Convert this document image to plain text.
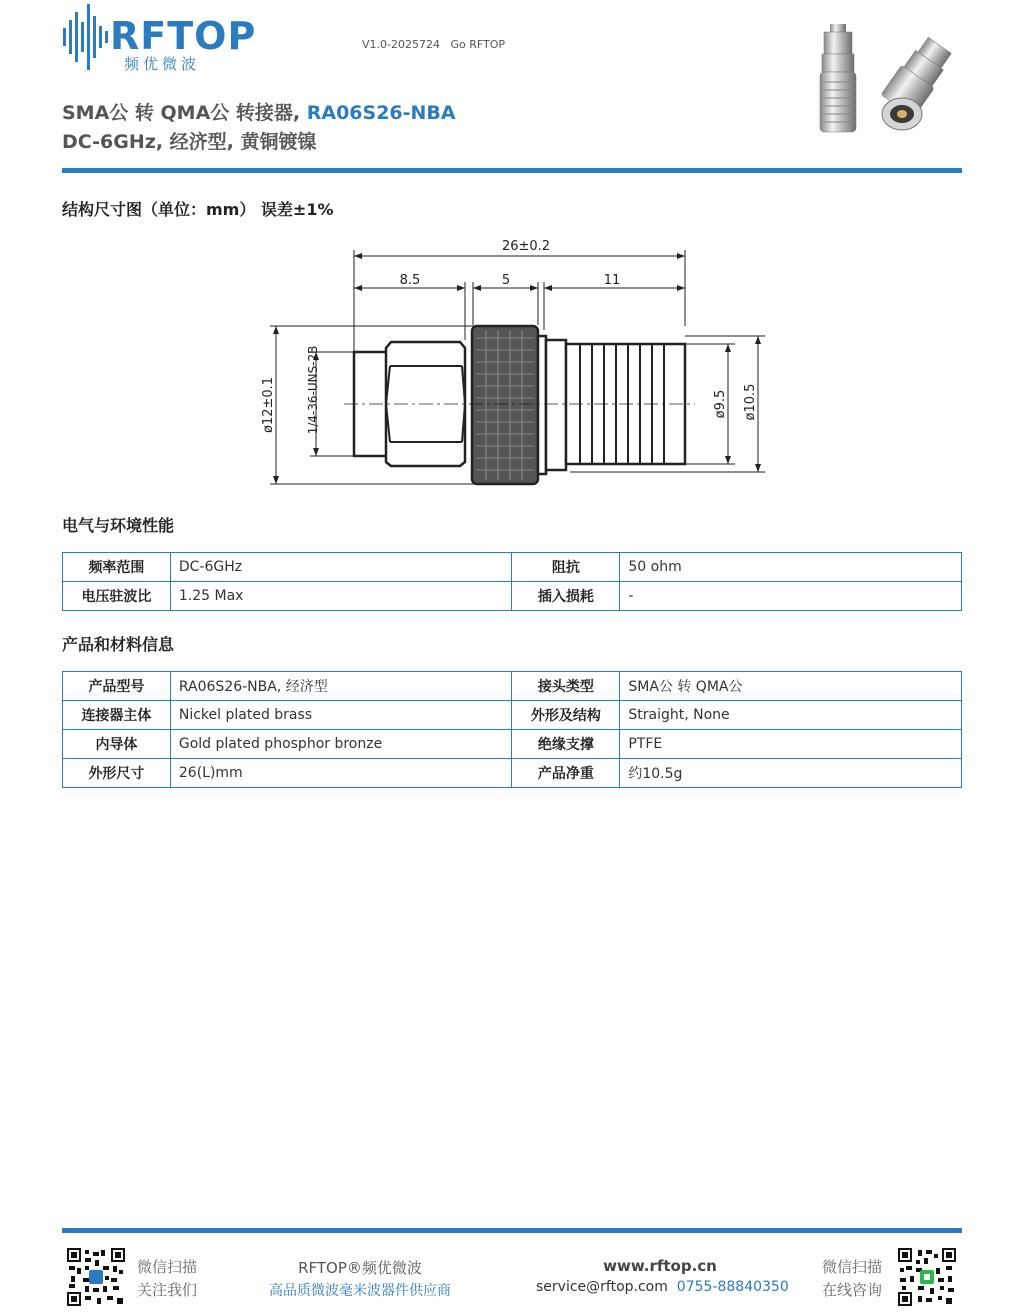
RFTOP
频优微波
V1.0-2025724 Go RFTOP
SMA公 转 QMA公 转接器, RA06S26-NBA
DC-6GHz, 经济型, 黄铜镀镍
结构尺寸图（单位：mm） 误差±1%
26±0.2
8.5	5	11
ø12±0.1	1/4-36-UNS-2B	ø9.5 ø10.5
电气与环境性能
频率范围	DC-6GHz	阻抗	50 ohm
电压驻波比	1.25 Max	插入损耗	-
产品和材料信息
产品型号	RA06S26-NBA, 经济型	接头类型	SMA公 转 QMA公
连接器主体	Nickel plated brass	外形及结构	Straight, None
内导体	Gold plated phosphor bronze	绝缘支撑	PTFE
外形尺寸	26(L)mm	产品净重	约10.5g
微信扫描
关注我们
RFTOP®频优微波
高品质微波毫米波器件供应商
www.rftop.cn
service@rftop.com 0755-88840350
微信扫描
在线咨询
